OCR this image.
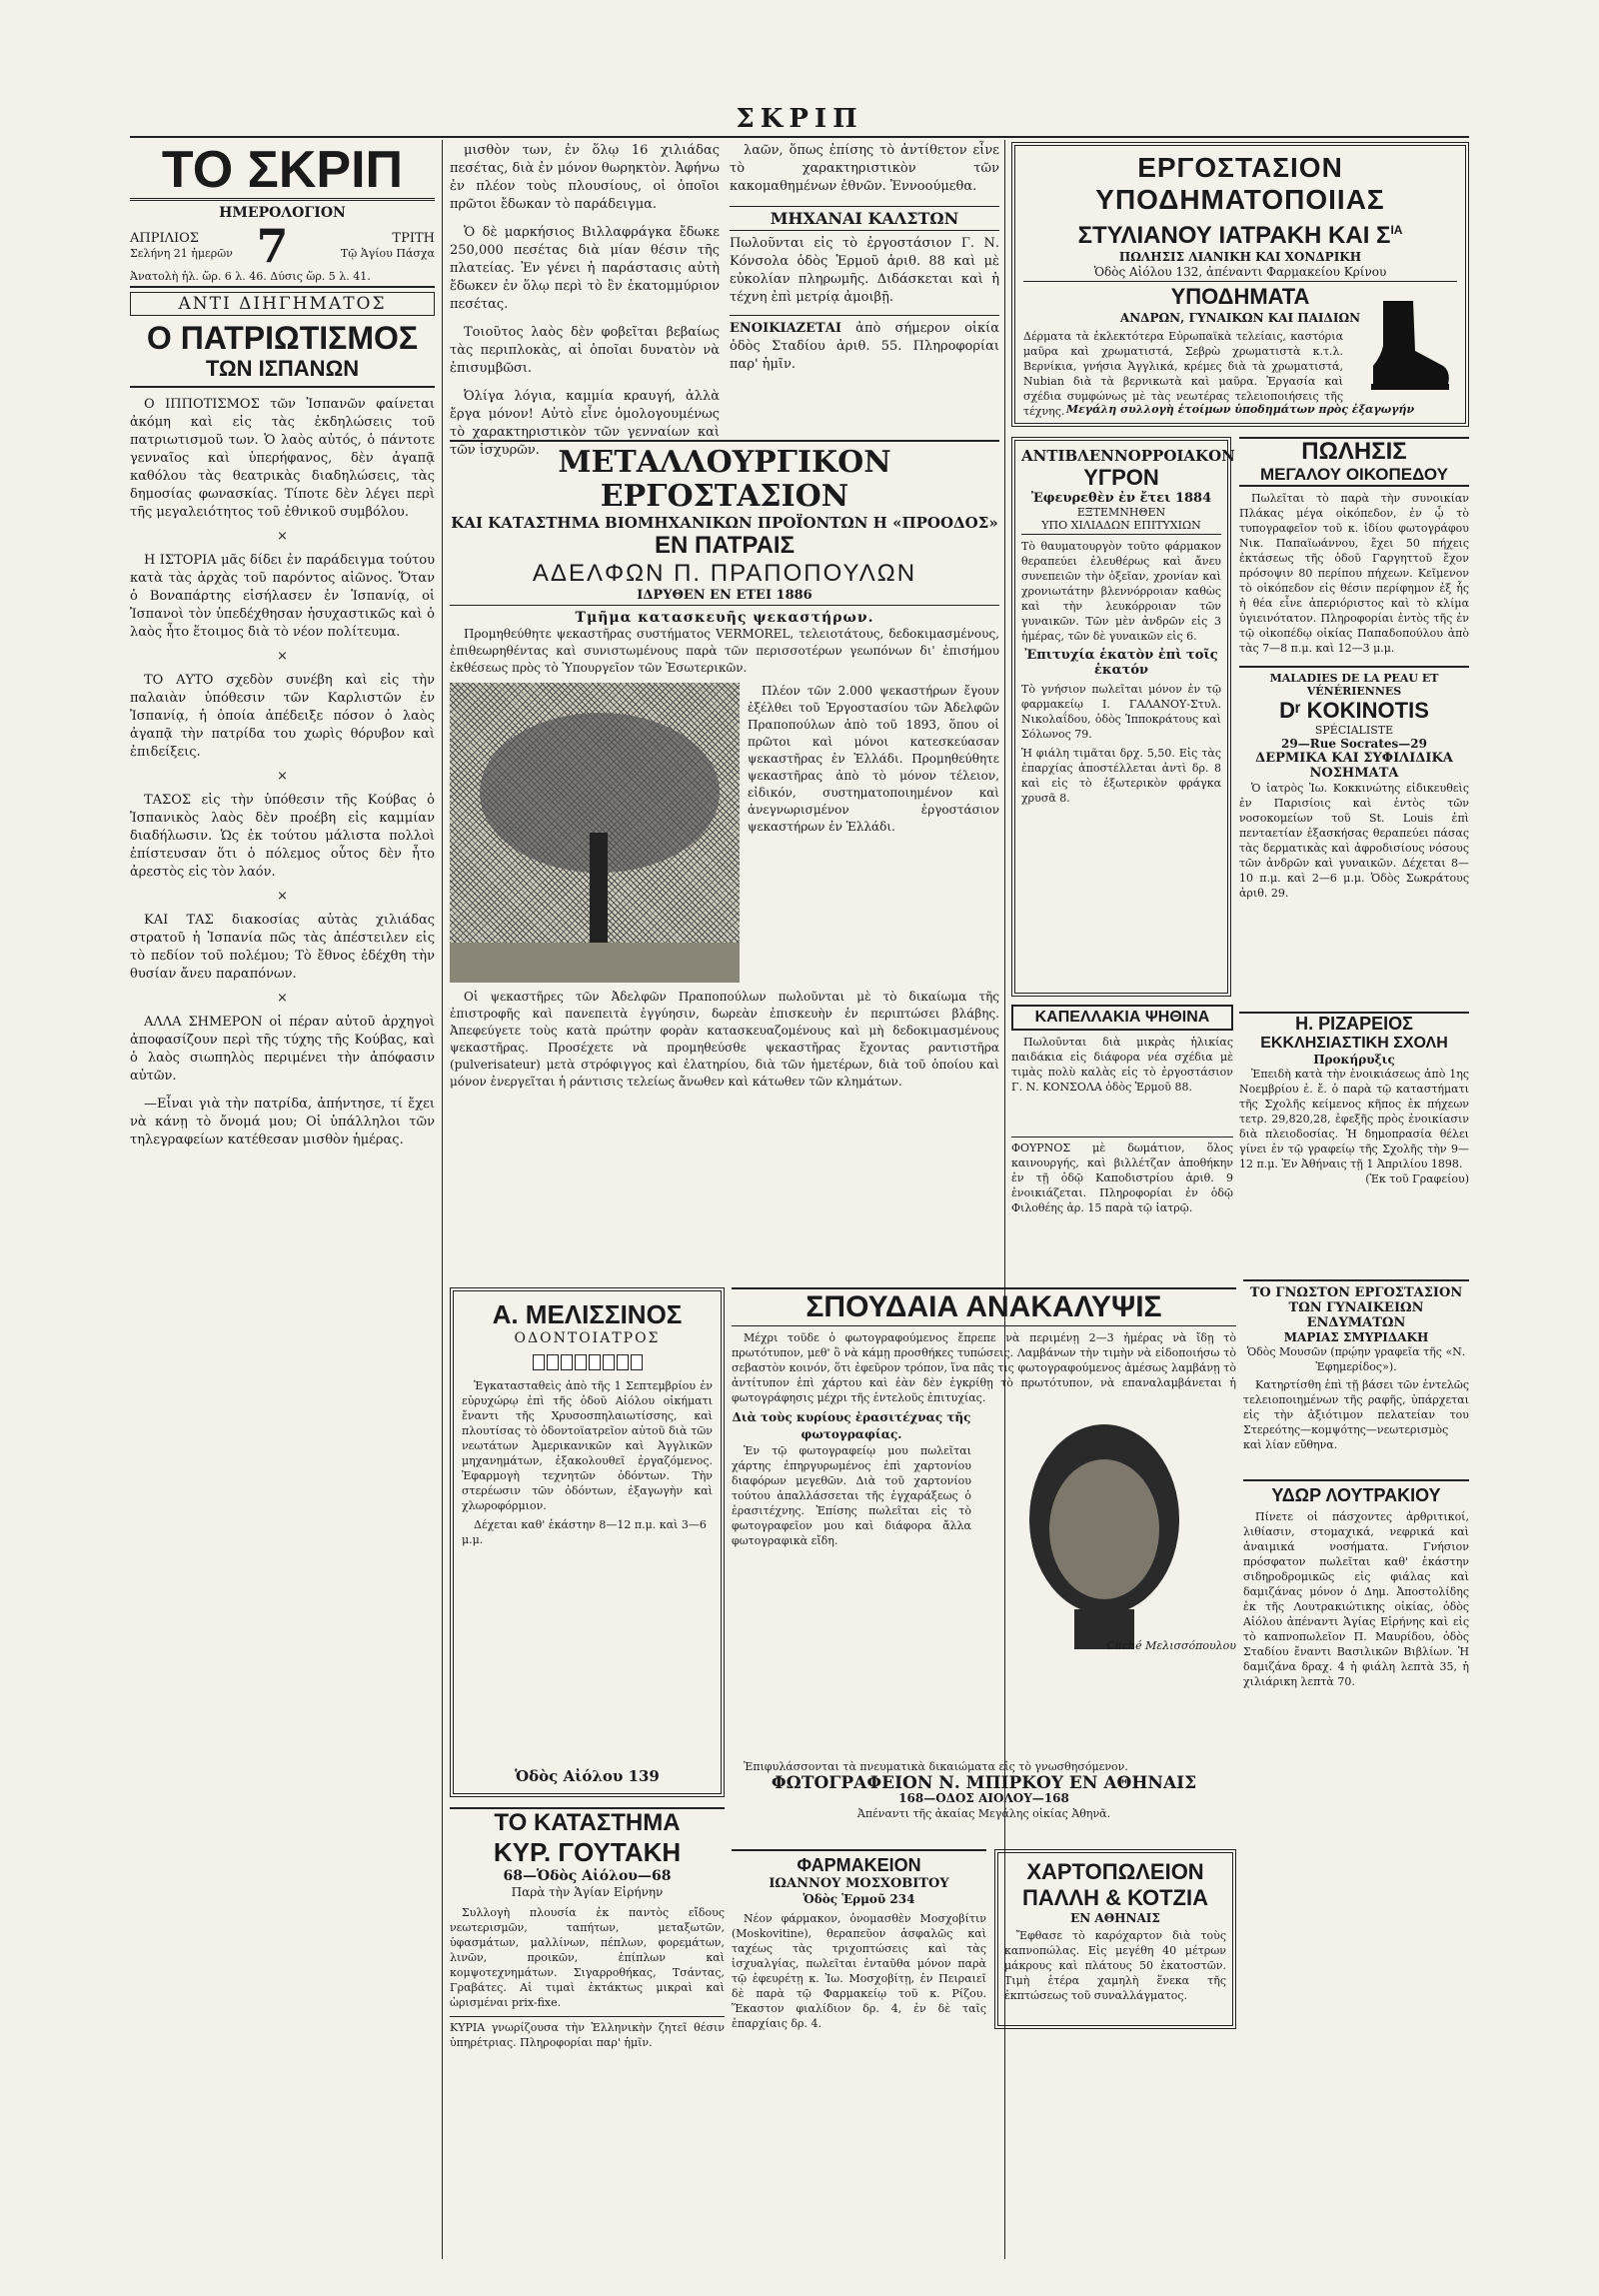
ΣΚΡΙΠ
ΤΟ ΣΚΡΙΠ
ΗΜΕΡΟΛΟΓΙΟΝ
ΑΠΡΙΛΙΟΣ
Σελήνη 21 ἡμερῶν 7	ΤΡΙΤΗ
Τῷ Ἁγίου Πάσχα
Ἀνατολὴ ἡλ. ὥρ. 6 λ. 46. Δύσις ὥρ. 5 λ. 41.
ΑΝΤΙ ΔΙΗΓΗΜΑΤΟΣ
Ο ΠΑΤΡΙΩΤΙΣΜΟΣ
ΤΩΝ ΙΣΠΑΝΩΝ

Ο ΙΠΠΟΤΙΣΜΟΣ τῶν Ἰσπανῶν φαίνεται ἀκόμη καὶ εἰς τὰς ἐκδηλώσεις τοῦ πατριωτισμοῦ των. Ὁ λαὸς αὐτός, ὁ πάντοτε γενναῖος καὶ ὑπερήφανος, δὲν ἀγαπᾷ καθόλου τὰς θεατρικὰς διαδηλώσεις, τὰς δημοσίας φωνασκίας. Τίποτε δὲν λέγει περὶ τῆς μεγαλειότητος τοῦ ἐθνικοῦ συμβόλου.

×

Η ΙΣΤΟΡΙΑ μᾶς δίδει ἐν παράδειγμα τούτου κατὰ τὰς ἀρχὰς τοῦ παρόντος αἰῶνος. Ὅταν ὁ Βοναπάρτης εἰσήλασεν ἐν Ἰσπανίᾳ, οἱ Ἰσπανοὶ τὸν ὑπεδέχθησαν ἡσυχαστικῶς καὶ ὁ λαὸς ἦτο ἕτοιμος διὰ τὸ νέον πολίτευμα.

×

ΤΟ ΑΥΤΟ σχεδὸν συνέβη καὶ εἰς τὴν παλαιὰν ὑπόθεσιν τῶν Καρλιστῶν ἐν Ἰσπανίᾳ, ἡ ὁποία ἀπέδειξε πόσον ὁ λαὸς ἀγαπᾷ τὴν πατρίδα του χωρὶς θόρυβον καὶ ἐπιδείξεις.

×

ΤΑΣΟΣ εἰς τὴν ὑπόθεσιν τῆς Κούβας ὁ Ἰσπανικὸς λαὸς δὲν προέβη εἰς καμμίαν διαδήλωσιν. Ὡς ἐκ τούτου μάλιστα πολλοὶ ἐπίστευσαν ὅτι ὁ πόλεμος οὗτος δὲν ἦτο ἀρεστὸς εἰς τὸν λαόν.

×

ΚΑΙ ΤΑΣ διακοσίας αὐτὰς χιλιάδας στρατοῦ ἡ Ἰσπανία πῶς τὰς ἀπέστειλεν εἰς τὸ πεδίον τοῦ πολέμου; Τὸ ἔθνος ἐδέχθη τὴν θυσίαν ἄνευ παραπόνων.

×

ΑΛΛΑ ΣΗΜΕΡΟΝ οἱ πέραν αὐτοῦ ἀρχηγοὶ ἀποφασίζουν περὶ τῆς τύχης τῆς Κούβας, καὶ ὁ λαὸς σιωπηλὸς περιμένει τὴν ἀπόφασιν αὐτῶν.

—Εἶναι γιὰ τὴν πατρίδα, ἀπήντησε, τί ἔχει νὰ κάνῃ τὸ ὄνομά μου; Οἱ ὑπάλληλοι τῶν τηλεγραφείων κατέθεσαν μισθὸν ἡμέρας.

μισθὸν των, ἐν ὅλῳ 16 χιλιάδας πεσέτας, διὰ ἐν μόνον θωρηκτὸν. Ἀφήνω ἐν πλέον τοὺς πλουσίους, οἱ ὁποῖοι πρῶτοι ἔδωκαν τὸ παράδειγμα.

Ὁ δὲ μαρκήσιος Βιλλαφράγκα ἔδωκε 250,000 πεσέτας διὰ μίαν θέσιν τῆς πλατείας. Ἐν γένει ἡ παράστασις αὐτὴ ἔδωκεν ἐν ὅλῳ περὶ τὸ ἓν ἑκατομμύριον πεσέτας.

Τοιοῦτος λαὸς δὲν φοβεῖται βεβαίως τὰς περιπλοκὰς, αἱ ὁποῖαι δυνατὸν νὰ ἐπισυμβῶσι.

Ὀλίγα λόγια, καμμία κραυγή, ἀλλὰ ἔργα μόνον! Αὐτὸ εἶνε ὁμολογουμένως τὸ χαρακτηριστικὸν τῶν γενναίων καὶ τῶν ἰσχυρῶν.

λαῶν, ὅπως ἐπίσης τὸ ἀντίθετον εἶνε τὸ χαρακτηριστικὸν τῶν κακομαθημένων ἐθνῶν. Ἐννοούμεθα.

ΜΗΧΑΝΑΙ ΚΑΛΣΤΩΝ
Πωλοῦνται εἰς τὸ ἐργοστάσιον Γ. Ν. Κόνσολα ὁδὸς Ἑρμοῦ ἀριθ. 88 καὶ μὲ εὐκολίαν πληρωμῆς. Διδάσκεται καὶ ἡ τέχνη ἐπὶ μετρίᾳ ἀμοιβῇ.
ΕΝΟΙΚΙΑΖΕΤΑΙ ἀπὸ σήμερον οἰκία ὁδὸς Σταδίου ἀριθ. 55. Πληροφορίαι παρ' ἡμῖν.
ΕΡΓΟΣΤΑΣΙΟΝ ΥΠΟΔΗΜΑΤΟΠΟΙΙΑΣ
ΣΤΥΛΙΑΝΟΥ ΙΑΤΡΑΚΗ ΚΑΙ $\Sigma^{IA}$
ΠΩΛΗΣΙΣ ΛΙΑΝΙΚΗ ΚΑΙ ΧΟΝΔΡΙΚΗ
Ὁδὸς Αἰόλου 132, ἀπέναντι Φαρμακείου Κρίνου
ΥΠΟΔΗΜΑΤΑ
ΑΝΔΡΩΝ, ΓΥΝΑΙΚΩΝ ΚΑΙ ΠΑΙΔΙΩΝ
Δέρματα τὰ ἐκλεκτότερα Εὐρωπαϊκὰ τελείαις, καστόρια μαῦρα καὶ χρωματιστά, Σεβρὼ χρωματιστὰ κ.τ.λ. Βερνίκια, γνήσια Ἀγγλικά, κρέμες διὰ τὰ χρωματιστά, Nubian διὰ τὰ βερνικωτὰ καὶ μαῦρα. Ἐργασία καὶ σχέδια συμφώνως μὲ τὰς νεωτέρας τελειοποιήσεις τῆς τέχνης. Μεγάλη συλλογὴ ἑτοίμων ὑποδημάτων πρὸς ἐξαγωγήν
ΜΕΤΑΛΛΟΥΡΓΙΚΟΝ ΕΡΓΟΣΤΑΣΙΟΝ
ΚΑΙ ΚΑΤΑΣΤΗΜΑ ΒΙΟΜΗΧΑΝΙΚΩΝ ΠΡΟΪΟΝΤΩΝ Η «ΠΡΟΟΔΟΣ»
ΕΝ ΠΑΤΡΑΙΣ
ΑΔΕΛΦΩΝ Π. ΠΡΑΠΟΠΟΥΛΩΝ
ΙΔΡΥΘΕΝ ΕΝ ΕΤΕΙ 1886
Τμῆμα κατασκευῆς ψεκαστήρων.
Προμηθεύθητε ψεκαστῆρας συστήματος VERMOREL, τελειοτάτους, δεδοκιμασμένους, ἐπιθεωρηθέντας καὶ συνιστωμένους παρὰ τῶν περισσοτέρων γεωπόνων δι' ἐπισήμου ἐκθέσεως πρὸς τὸ Ὑπουργεῖον τῶν Ἐσωτερικῶν.
Πλέον τῶν 2.000 ψεκαστήρων ἔγουν ἐξέλθει τοῦ Ἐργοστασίου τῶν Ἀδελφῶν Πραποπούλων ἀπὸ τοῦ 1893, ὅπου οἱ πρῶτοι καὶ μόνοι κατεσκεύασαν ψεκαστῆρας ἐν Ἑλλάδι. Προμηθεύθητε ψεκαστῆρας ἀπὸ τὸ μόνον τέλειον, εἰδικόν, συστηματοποιημένον καὶ ἀνεγνωρισμένον ἐργοστάσιον ψεκαστήρων ἐν Ἑλλάδι.
Οἱ ψεκαστῆρες τῶν Ἀδελφῶν Πραποπούλων πωλοῦνται μὲ τὸ δικαίωμα τῆς ἐπιστροφῆς καὶ πανεπειτὰ ἐγγύησιν, δωρεὰν ἐπισκευὴν ἐν περιπτώσει βλάβης. Ἀπεφεύγετε τοὺς κατὰ πρώτην φορὰν κατασκευαζομένους καὶ μὴ δεδοκιμασμένους ψεκαστῆρας. Προσέχετε νὰ προμηθεύσθε ψεκαστῆρας ἔχοντας ραντιστῆρα (pulverisateur) μετὰ στρόφιγγος καὶ ἐλατηρίου, διὰ τῶν ἡμετέρων, διὰ τοῦ ὁποίου καὶ μόνον ἐνεργεῖται ἡ ράντισις τελείως ἄνωθεν καὶ κάτωθεν τῶν κλημάτων.
ΑΝΤΙΒΛΕΝΝΟΡΡΟΙΑΚΟΝ
ΥΓΡΟΝ
Ἐφευρεθὲν ἐν ἔτει 1884
ΕΞΤΕΜΝΗΘΕΝ
ΥΠΟ ΧΙΛΙΑΔΩΝ ΕΠΙΤΥΧΙΩΝ
Τὸ θαυματουργὸν τοῦτο φάρμακον θεραπεύει ἐλευθέρως καὶ ἄνευ συνεπειῶν τὴν ὀξεῖαν, χρονίαν καὶ χρονιωτάτην βλεννόρροιαν καθὼς καὶ τὴν λευκόρροιαν τῶν γυναικῶν. Τῶν μὲν ἀνδρῶν εἰς 3 ἡμέρας, τῶν δὲ γυναικῶν εἰς 6.
Ἐπιτυχία ἑκατὸν ἐπὶ τοῖς ἑκατόν
Τὸ γνήσιον πωλεῖται μόνον ἐν τῷ φαρμακείῳ Ι. ΓΑΛΑΝΟΥ-Στυλ. Νικολαΐδου, ὁδὸς Ἱπποκράτους καὶ Σόλωνος 79.
Ἡ φιάλη τιμᾶται δρχ. 5,50. Εἰς τὰς ἐπαρχίας ἀποστέλλεται ἀντὶ δρ. 8 καὶ εἰς τὸ ἐξωτερικὸν φράγκα χρυσᾶ 8.
ΠΩΛΗΣΙΣ
ΜΕΓΑΛΟΥ ΟΙΚΟΠΕΔΟΥ
Πωλεῖται τὸ παρὰ τὴν συνοικίαν Πλάκας μέγα οἰκόπεδον, ἐν ᾧ τὸ τυπογραφεῖον τοῦ κ. ἰδίου φωτογράφου Νικ. Παπαϊωάννου, ἔχει 50 πήχεις ἐκτάσεως τῆς ὁδοῦ Γαργηττοῦ ἔχον πρόσοψιν 80 περίπου πήχεων. Κεῖμενον τὸ οἰκόπεδον εἰς θέσιν περίφημον ἐξ ἧς ἡ θέα εἶνε ἀπεριόριστος καὶ τὸ κλίμα ὑγιεινότατον. Πληροφορίαι ἐντὸς τῆς ἐν τῷ οἰκοπέδῳ οἰκίας Παπαδοπούλου ἀπὸ τὰς 7—8 π.μ. καὶ 12—3 μ.μ.
MALADIES DE LA PEAU ET VÉNÉRIENNES
Dʳ KOKINOTIS
SPÉCIALISTE
29—Rue Socrates—29
ΔΕΡΜΙΚΑ ΚΑΙ ΣΥΦΙΛΙΔΙΚΑ
ΝΟΣΗΜΑΤΑ
Ὁ ἰατρὸς Ἰω. Κοκκινώτης εἰδικευθεὶς ἐν Παρισίοις καὶ ἐντὸς τῶν νοσοκομείων τοῦ St. Louis ἐπὶ πενταετίαν ἐξασκήσας θεραπεύει πάσας τὰς δερματικὰς καὶ ἀφροδισίους νόσους τῶν ἀνδρῶν καὶ γυναικῶν. Δέχεται 8—10 π.μ. καὶ 2—6 μ.μ. Ὁδὸς Σωκράτους ἀριθ. 29.
ΚΑΠΕΛΛΑΚΙΑ ΨΗΘΙΝΑ
Πωλοῦνται διὰ μικρὰς ἡλικίας παιδάκια εἰς διάφορα νέα σχέδια μὲ τιμὰς πολὺ καλὰς εἰς τὸ ἐργοστάσιον Γ. Ν. ΚΟΝΣΟΛΑ ὁδὸς Ἑρμοῦ 88.
Η. ΡΙΖΑΡΕΙΟΣ
ΕΚΚΛΗΣΙΑΣΤΙΚΗ ΣΧΟΛΗ
Προκήρυξις
Ἐπειδὴ κατὰ τὴν ἐνοικιάσεως ἀπὸ 1ης Νοεμβρίου ἐ. ἔ. ὁ παρὰ τῷ καταστήματι τῆς Σχολῆς κείμενος κῆπος ἐκ πήχεων τετρ. 29,820,28, ἐφεξῆς πρὸς ἐνοικίασιν διὰ πλειοδοσίας. Ἡ δημοπρασία θέλει γίνει ἐν τῷ γραφείῳ τῆς Σχολῆς τὴν 9—12 π.μ. Ἐν Ἀθήναις τῇ 1 Ἀπριλίου 1898.
(Ἐκ τοῦ Γραφείου)
ΦΟΥΡΝΟΣ μὲ δωμάτιον, ὅλος καινουργής, καὶ βιλλέτζαν ἀποθήκην ἐν τῇ ὁδῷ Καποδιστρίου ἀριθ. 9 ἐνοικιάζεται. Πληροφορίαι ἐν ὁδῷ Φιλοθέης ἀρ. 15 παρὰ τῷ ἰατρῷ.
Α. ΜΕΛΙΣΣΙΝΟΣ
ΟΔΟΝΤΟΙΑΤΡΟΣ
Ἐγκατασταθεὶς ἀπὸ τῆς 1 Σεπτεμβρίου ἐν εὐρυχώρῳ ἐπὶ τῆς ὁδοῦ Αἰόλου οἰκήματι ἔναντι τῆς Χρυσοσπηλαιωτίσσης, καὶ πλουτίσας τὸ ὀδοντοϊατρεῖον αὐτοῦ διὰ τῶν νεωτάτων Ἀμερικανικῶν καὶ Ἀγγλικῶν μηχανημάτων, ἐξακολουθεῖ ἐργαζόμενος. Ἐφαρμογὴ τεχνητῶν ὀδόντων. Τὴν στερέωσιν τῶν ὀδόντων, ἐξαγωγὴν καὶ χλωροφόρμιον.
Δέχεται καθ' ἑκάστην 8—12 π.μ. καὶ 3—6 μ.μ.
Ὁδὸς Αἰόλου 139
ΤΟ ΚΑΤΑΣΤΗΜΑ
ΚΥΡ. ΓΟΥΤΑΚΗ
68—Ὁδὸς Αἰόλου—68
Παρὰ τὴν Ἁγίαν Εἰρήνην
Συλλογὴ πλουσία ἐκ παντὸς εἴδους νεωτερισμῶν, ταπήτων, μεταξωτῶν, ὑφασμάτων, μαλλίνων, πέπλων, φορεμάτων, λινῶν, προικῶν, ἐπίπλων καὶ κομψοτεχνημάτων. Σιγαρροθήκας, Τσάντας, Γραβάτες. Αἱ τιμαὶ ἐκτάκτως μικραὶ καὶ ὡρισμέναι prix-fixe.
ΚΥΡΙΑ γνωρίζουσα τὴν Ἑλληνικὴν ζητεῖ θέσιν ὑπηρέτριας. Πληροφορίαι παρ' ἡμῖν.
ΣΠΟΥΔΑΙΑ ΑΝΑΚΑΛΥΨΙΣ
Μέχρι τοῦδε ὁ φωτογραφούμενος ἔπρεπε νὰ περιμένῃ 2—3 ἡμέρας νὰ ἴδῃ τὸ πρωτότυπον, μεθ' ὃ νὰ κάμῃ προσθήκες τυπώσεις. Λαμβάνων τὴν τιμὴν νὰ εἰδοποιήσω τὸ σεβαστὸν κοινόν, ὅτι ἐφεῦρον τρόπον, ἵνα πᾶς τις φωτογραφούμενος ἀμέσως λαμβάνῃ τὸ ἀντίτυπον ἐπὶ χάρτου καὶ ἐὰν δὲν ἐγκρίθῃ τὸ πρωτότυπον, νὰ επαναλαμβάνεται ἡ φωτογράφησις μέχρι τῆς ἐντελοῦς ἐπιτυχίας.
Διὰ τοὺς κυρίους ἐρασιτέχνας τῆς φωτογραφίας.
Ἐν τῷ φωτογραφείῳ μου πωλεῖται χάρτης ἐπηργυρωμένος ἐπὶ χαρτονίου διαφόρων μεγεθῶν. Διὰ τοῦ χαρτονίου τούτου ἀπαλλάσσεται τῆς ἐγχαράξεως ὁ ἐρασιτέχνης. Ἐπίσης πωλεῖται εἰς τὸ φωτογραφεῖον μου καὶ διάφορα ἄλλα φωτογραφικὰ εἴδη.
Cliché Μελισσόπουλου
Ἐπιφυλάσσονται τὰ πνευματικὰ δικαιώματα εἰς τὸ γνωσθησόμενον.
ΦΩΤΟΓΡΑΦΕΙΟΝ Ν. ΜΠΙΡΚΟΥ ΕΝ ΑΘΗΝΑΙΣ
168—ΟΔΟΣ ΑΙΟΛΟΥ—168
Ἀπέναντι τῆς ἀκαίας Μεγάλης οἰκίας Ἀθηνᾶ.
ΦΑΡΜΑΚΕΙΟΝ
ΙΩΑΝΝΟΥ ΜΟΣΧΟΒΙΤΟΥ
Ὁδὸς Ἑρμοῦ 234
Νέον φάρμακον, ὀνομασθὲν Μοσχοβίτιν (Moskovitine), θεραπεῦον ἀσφαλῶς καὶ ταχέως τὰς τριχοπτώσεις καὶ τὰς ἰσχυαλγίας, πωλεῖται ἐνταῦθα μόνον παρὰ τῷ ἐφευρέτῃ κ. Ἰω. Μοσχοβίτῃ, ἐν Πειραιεῖ δὲ παρὰ τῷ Φαρμακείῳ τοῦ κ. Ρίζου. Ἕκαστον φιαλίδιον δρ. 4, ἐν δὲ ταῖς ἐπαρχίαις δρ. 4.
ΧΑΡΤΟΠΩΛΕΙΟΝ
ΠΑΛΛΗ & ΚΟΤΖΙΑ
ΕΝ ΑΘΗΝΑΙΣ
Ἔφθασε τὸ καρόχαρτον διὰ τοὺς καπνοπώλας. Εἰς μεγέθη 40 μέτρων μάκρους καὶ πλάτους 50 ἑκατοστῶν. Τιμὴ ἑτέρα χαμηλὴ ἕνεκα τῆς ἐκπτώσεως τοῦ συναλλάγματος.
ΤΟ ΓΝΩΣΤΟΝ ΕΡΓΟΣΤΑΣΙΟΝ
ΤΩΝ ΓΥΝΑΙΚΕΙΩΝ ΕΝΔΥΜΑΤΩΝ
ΜΑΡΙΑΣ ΣΜΥΡΙΔΑΚΗ
Ὁδὸς Μουσῶν (πρῴην γραφεῖα τῆς «Ν. Ἐφημερίδος»).
Κατηρτίσθη ἐπὶ τῇ βάσει τῶν ἐντελῶς τελειοποιημένων τῆς ραφῆς, ὑπάρχεται εἰς τὴν ἀξιότιμον πελατείαν του Στερεότης—κομψότης—νεωτερισμὸς καὶ λίαν εὔθηνα.
ΥΔΩΡ ΛΟΥΤΡΑΚΙΟΥ
Πίνετε οἱ πάσχοντες ἀρθριτικοί, λιθίασιν, στομαχικά, νεφρικά καὶ ἀναιμικά νοσήματα. Γνήσιον πρόσφατον πωλεῖται καθ' ἑκάστην σιδηροδρομικῶς εἰς φιάλας καὶ δαμιζάνας μόνον ὁ Δημ. Ἀποστολίδης ἐκ τῆς Λουτρακιώτικης οἰκίας, ὁδὸς Αἰόλου ἀπέναντι Ἁγίας Εἰρήνης καὶ εἰς τὸ καπνοπωλεῖον Π. Μαυρίδου, ὁδὸς Σταδίου ἔναντι Βασιλικῶν Βιβλίων. Ἡ δαμιζάνα δραχ. 4 ἡ φιάλη λεπτὰ 35, ἡ χιλιάρικη λεπτὰ 70.
